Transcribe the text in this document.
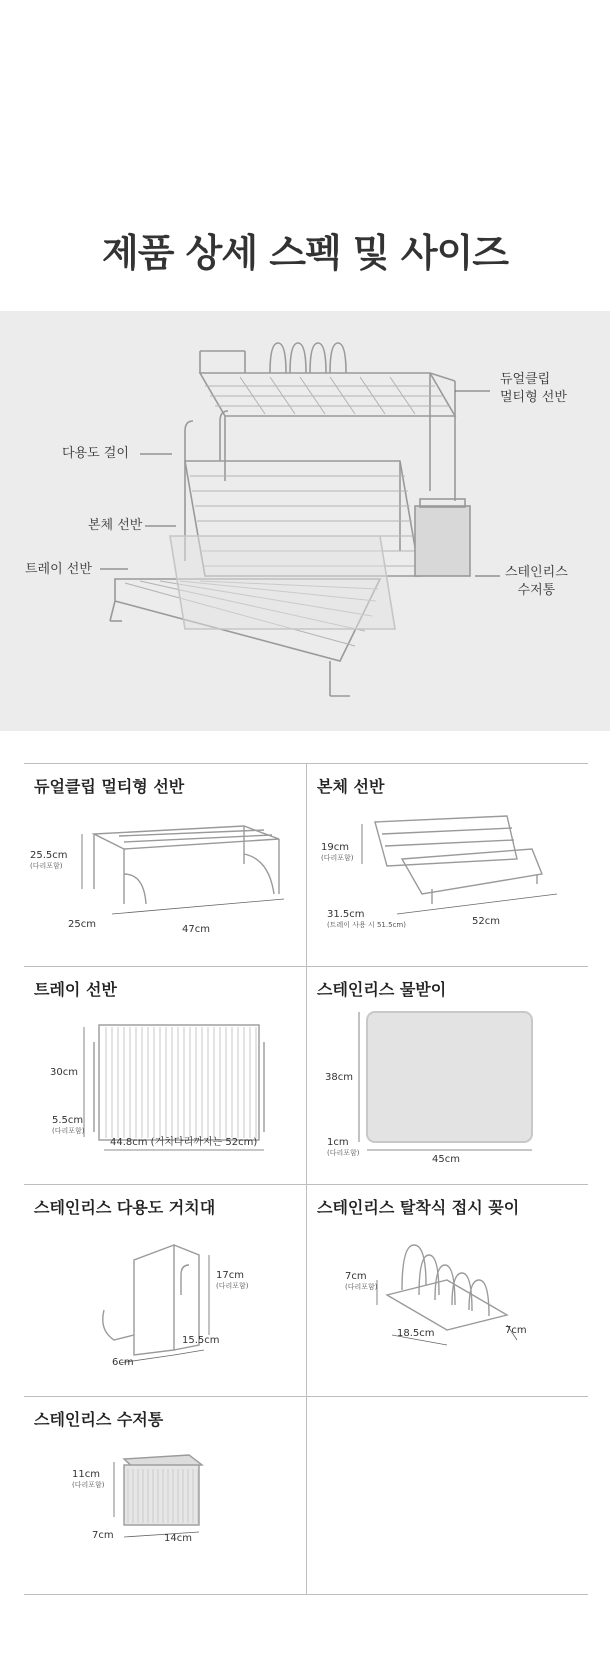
제품 상세 스펙 및 사이즈
듀얼클립
멀티형 선반
다용도 걸이
본체 선반
트레이 선반	스테인리스
수저통
듀얼클립 멀티형 선반
25.5cm
(다리포함)
25cm	47cm
본체 선반
19cm
(다리포함)
31.5cm
(트레이 사용 시 51.5cm)	52cm
트레이 선반
30cm
5.5cm
(다리포함)
44.8cm (거치다리까지는 52cm)
스테인리스 물받이
38cm
1cm
(다리포함)
45cm
스테인리스 다용도 거치대
17cm
(다리포함)
15.5cm
6cm
스테인리스 탈착식 접시 꽂이
7cm
(다리포함)
18.5cm	7cm
스테인리스 수저통
11cm
(다리포함)
7cm	14cm
